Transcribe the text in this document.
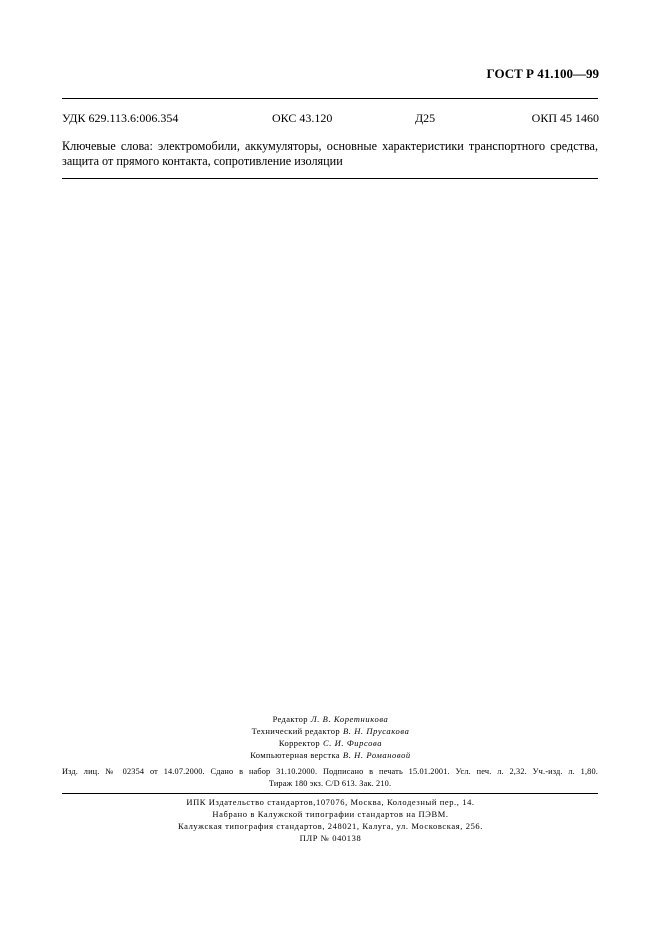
ГОСТ Р 41.100—99
УДК 629.113.6:006.354	ОКС 43.120	Д25	ОКП 45 1460
Ключевые слова: электромобили, аккумуляторы, основные характеристики транспортного средства,
защита от прямого контакта, сопротивление изоляции
Редактор Л. В. Коретникова
Технический редактор В. Н. Прусакова
Корректор С. И. Фирсова
Компьютерная верстка В. Н. Романовой
Изд. лиц. № 02354 от 14.07.2000. Сдано в набор 31.10.2000. Подписано в печать 15.01.2001. Усл. печ. л. 2,32. Уч.-изд. л. 1,80.
Тираж 180 экз. С/D 613. Зак. 210.
ИПК Издательство стандартов,107076, Москва, Колодезный пер., 14.
Набрано в Калужской типографии стандартов на ПЭВМ.
Калужская типография стандартов, 248021, Калуга, ул. Московская, 256.
ПЛР № 040138
